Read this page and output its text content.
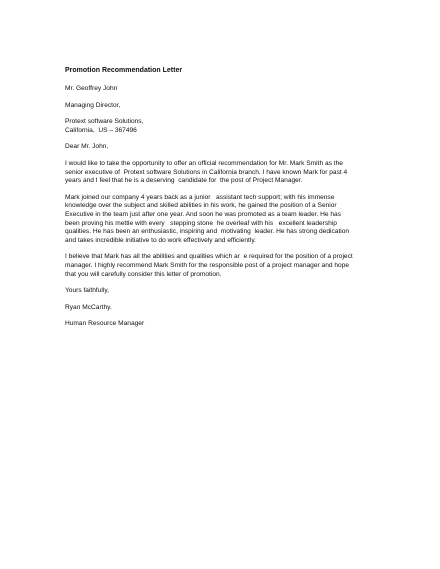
Promotion Recommendation Letter
Mr. Geoffrey John
Managing Director,
Protext software Solutions,
California,  US – 367496
Dear Mr. John,
I would like to take the opportunity to offer an official recommendation for Mr. Mark Smith as the
senior executive of  Protext software Solutions in California branch. I have known Mark for past 4
years and I feel that he is a deserving  candidate for  the post of Project Manager.
Mark joined our company 4 years back as a junior   assistant tech support; with his immense
knowledge over the subject and skilled abilities in his work, he gained the position of a Senior
Executive in the team just after one year. And soon he was promoted as a team leader. He has
been proving his mettle with every   stepping stone  he overleaf with his   excellent leadership
qualities. He has been an enthusiastic, inspiring and  motivating  leader. He has strong dedication
and takes incredible initiative to do work effectively and efficiently.
I believe that Mark has all the abilities and qualities which ar  e required for the position of a project
manager. I highly recommend Mark Smith for the responsible post of a project manager and hope
that you will carefully consider this letter of promotion.
Yours faithfully,
Ryan McCarthy.
Human Resource Manager
